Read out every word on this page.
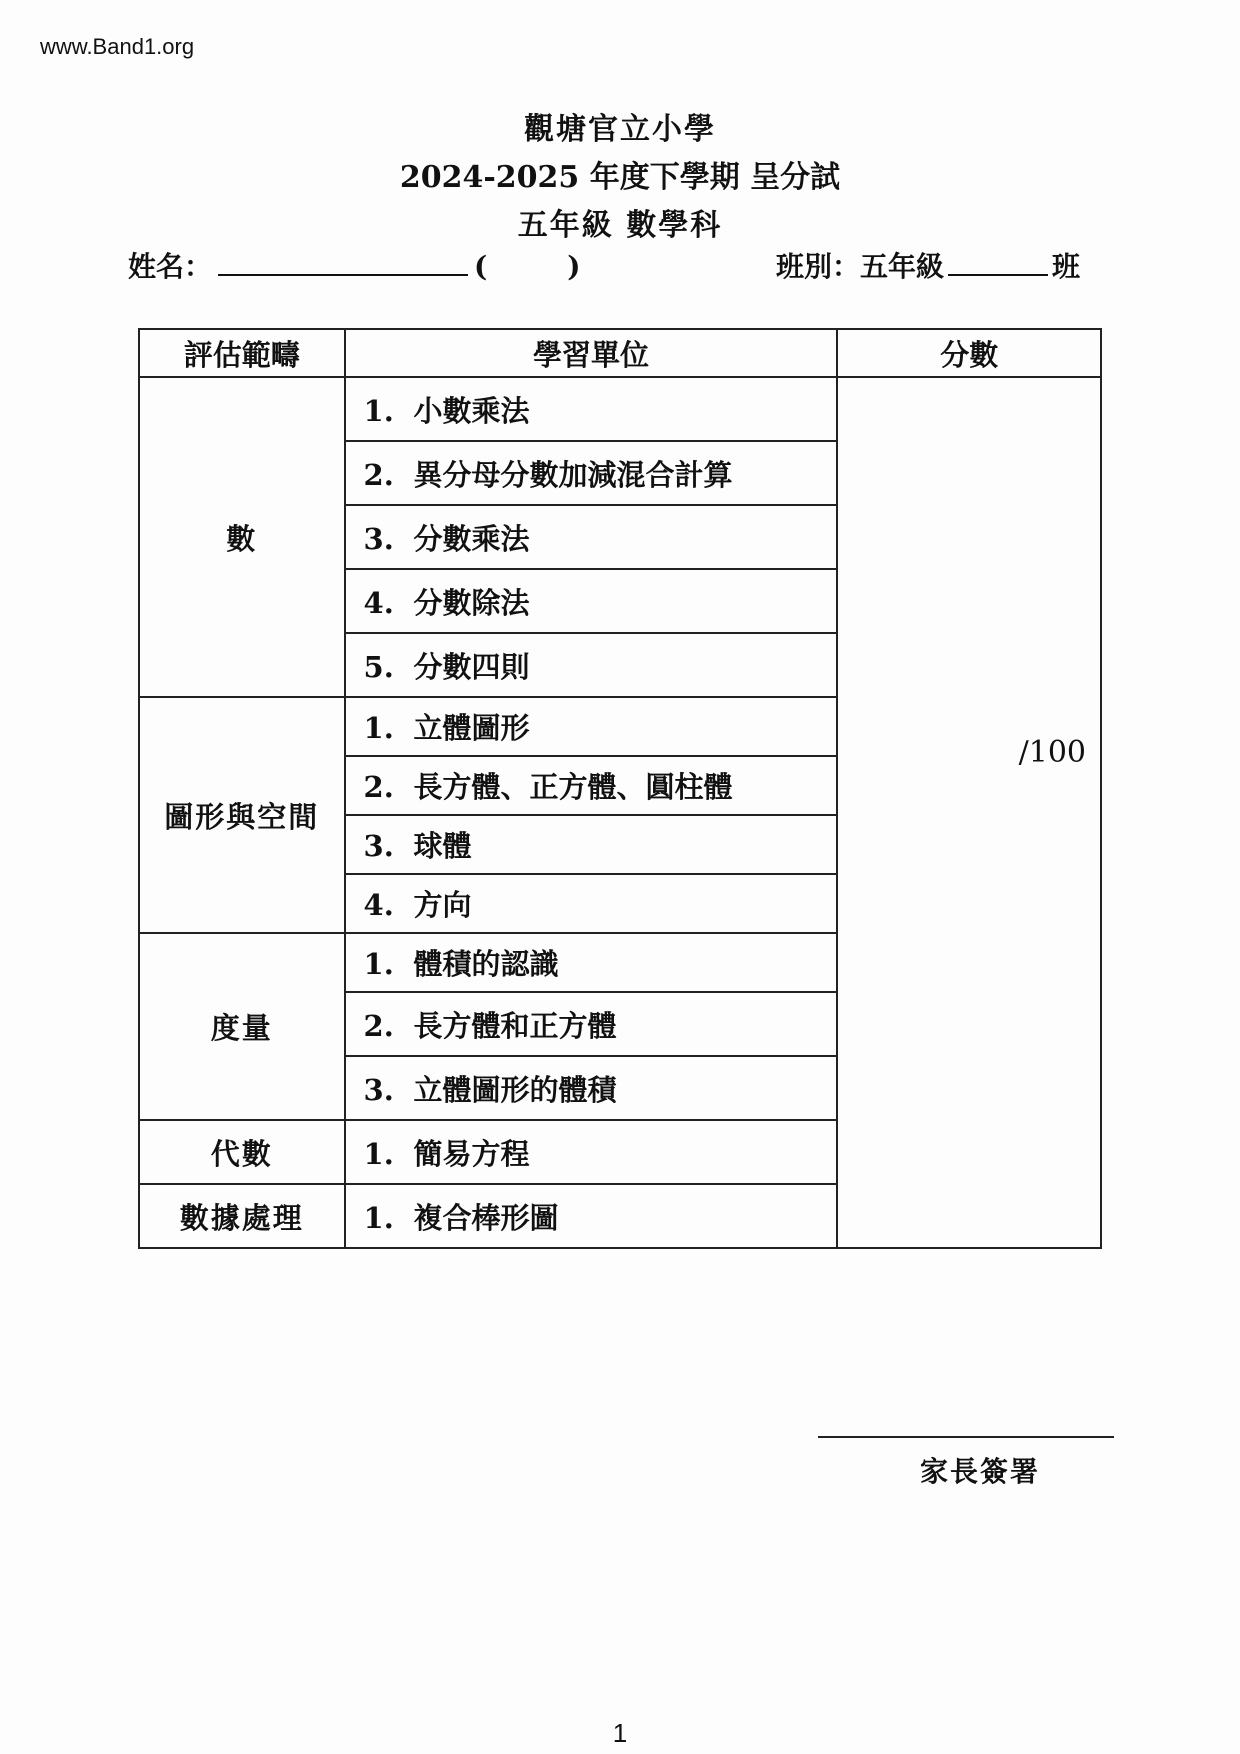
www.Band1.org
觀塘官立小學
2024-2025 年度下學期 呈分試
五年級 數學科
姓名：	(	)	班別：五年級	班
評估範疇	學習單位	分數
數	1. 小數乘法	/100
	2. 異分母分數加減混合計算	
	3. 分數乘法	
	4. 分數除法	
	5. 分數四則	
圖形與空間	1. 立體圖形	
	2. 長方體、正方體、圓柱體	
	3. 球體	
	4. 方向	
度量	1. 體積的認識	
	2. 長方體和正方體	
	3. 立體圖形的體積	
代數	1. 簡易方程	
數據處理	1. 複合棒形圖	
家長簽署
1
